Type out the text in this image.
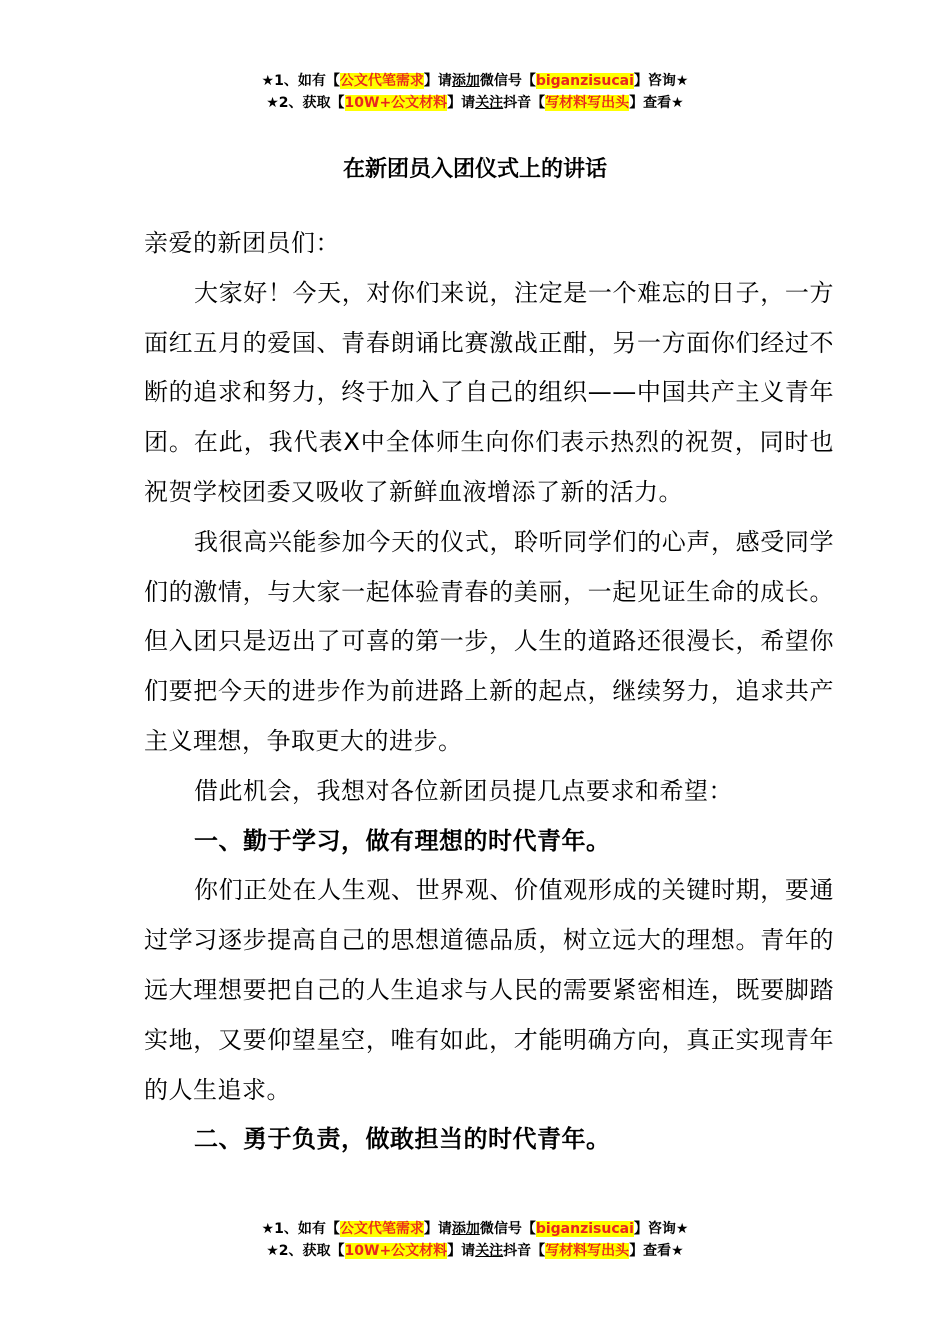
★1、如有【公文代笔需求】请添加微信号【biganzisucai】咨询★
★2、获取【10W+公文材料】请关注抖音【写材料写出头】查看★
在新团员入团仪式上的讲话

亲爱的新团员们：

大家好！今天，对你们来说，注定是一个难忘的日子，一方面红五月的爱国、青春朗诵比赛激战正酣，另一方面你们经过不断的追求和努力，终于加入了自己的组织——中国共产主义青年团。在此，我代表X中全体师生向你们表示热烈的祝贺，同时也祝贺学校团委又吸收了新鲜血液增添了新的活力。

我很高兴能参加今天的仪式，聆听同学们的心声，感受同学们的激情，与大家一起体验青春的美丽，一起见证生命的成长。但入团只是迈出了可喜的第一步，人生的道路还很漫长，希望你们要把今天的进步作为前进路上新的起点，继续努力，追求共产主义理想，争取更大的进步。

借此机会，我想对各位新团员提几点要求和希望：

一、勤于学习，做有理想的时代青年。

你们正处在人生观、世界观、价值观形成的关键时期，要通过学习逐步提高自己的思想道德品质，树立远大的理想。青年的远大理想要把自己的人生追求与人民的需要紧密相连，既要脚踏实地，又要仰望星空，唯有如此，才能明确方向，真正实现青年的人生追求。

二、勇于负责，做敢担当的时代青年。

★1、如有【公文代笔需求】请添加微信号【biganzisucai】咨询★
★2、获取【10W+公文材料】请关注抖音【写材料写出头】查看★
